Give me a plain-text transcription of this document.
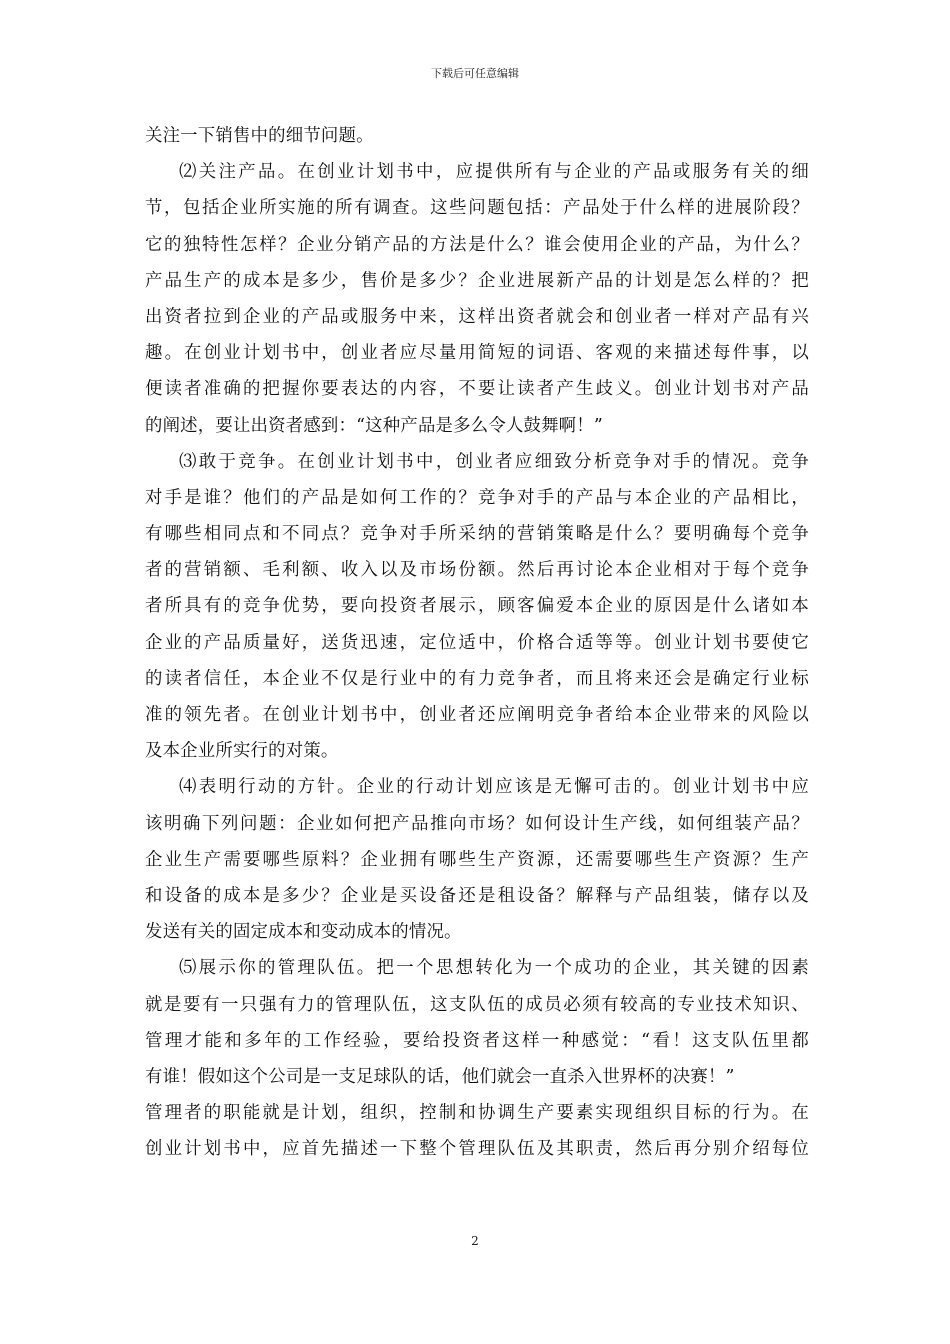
下载后可任意编辑
关注一下销售中的细节问题。
⑵关注产品。在创业计划书中，应提供所有与企业的产品或服务有关的细
节，包括企业所实施的所有调查。这些问题包括：产品处于什么样的进展阶段？
它的独特性怎样？企业分销产品的方法是什么？谁会使用企业的产品，为什么？
产品生产的成本是多少，售价是多少？企业进展新产品的计划是怎么样的？把
出资者拉到企业的产品或服务中来，这样出资者就会和创业者一样对产品有兴
趣。在创业计划书中，创业者应尽量用简短的词语、客观的来描述每件事，以
便读者准确的把握你要表达的内容，不要让读者产生歧义。创业计划书对产品
的阐述，要让出资者感到：“这种产品是多么令人鼓舞啊！”
⑶敢于竞争。在创业计划书中，创业者应细致分析竞争对手的情况。竞争
对手是谁？他们的产品是如何工作的？竞争对手的产品与本企业的产品相比，
有哪些相同点和不同点？竞争对手所采纳的营销策略是什么？要明确每个竞争
者的营销额、毛利额、收入以及市场份额。然后再讨论本企业相对于每个竞争
者所具有的竞争优势，要向投资者展示，顾客偏爱本企业的原因是什么诸如本
企业的产品质量好，送货迅速，定位适中，价格合适等等。创业计划书要使它
的读者信任，本企业不仅是行业中的有力竞争者，而且将来还会是确定行业标
准的领先者。在创业计划书中，创业者还应阐明竞争者给本企业带来的风险以
及本企业所实行的对策。
⑷表明行动的方针。企业的行动计划应该是无懈可击的。创业计划书中应
该明确下列问题：企业如何把产品推向市场？如何设计生产线，如何组装产品？
企业生产需要哪些原料？企业拥有哪些生产资源，还需要哪些生产资源？生产
和设备的成本是多少？企业是买设备还是租设备？解释与产品组装，储存以及
发送有关的固定成本和变动成本的情况。
⑸展示你的管理队伍。把一个思想转化为一个成功的企业，其关键的因素
就是要有一只强有力的管理队伍，这支队伍的成员必须有较高的专业技术知识、
管理才能和多年的工作经验，要给投资者这样一种感觉：“看！这支队伍里都
有谁！假如这个公司是一支足球队的话，他们就会一直杀入世界杯的决赛！”
管理者的职能就是计划，组织，控制和协调生产要素实现组织目标的行为。在
创业计划书中，应首先描述一下整个管理队伍及其职责，然后再分别介绍每位
2
